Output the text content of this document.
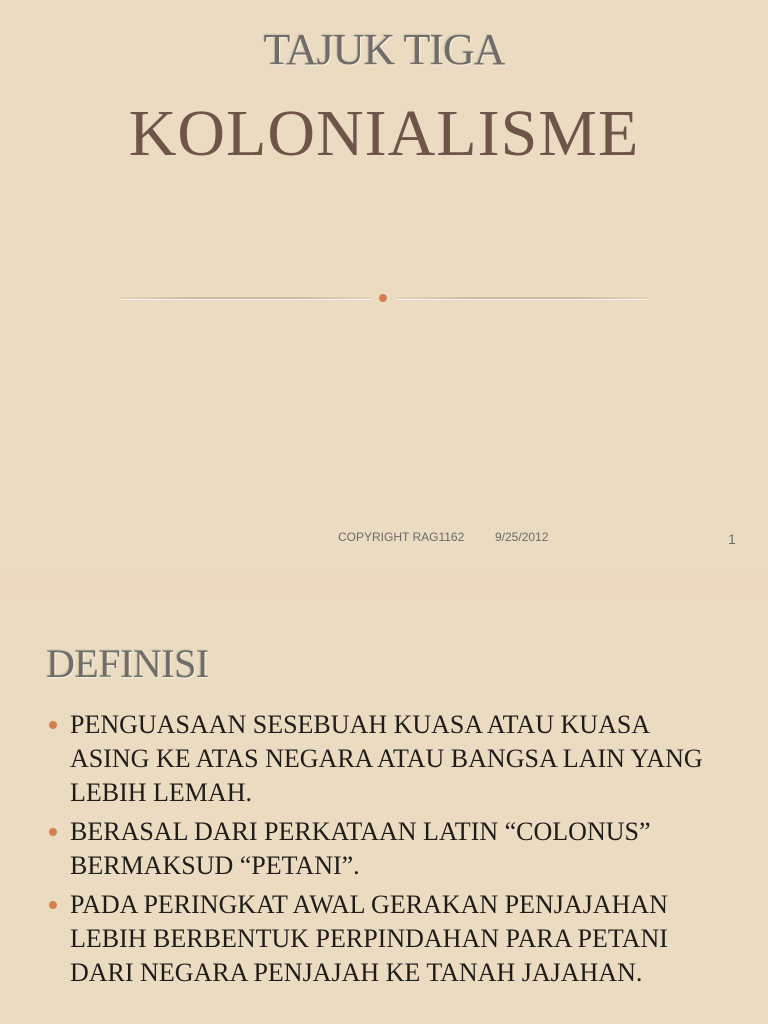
TAJUK TIGA
KOLONIALISME
COPYRIGHT RAG1162	9/25/2012	1
DEFINISI
PENGUASAAN SESEBUAH KUASA ATAU KUASA ASING KE ATAS NEGARA ATAU BANGSA LAIN YANG LEBIH LEMAH.
BERASAL DARI PERKATAAN LATIN “COLONUS” BERMAKSUD “PETANI”.
PADA PERINGKAT AWAL GERAKAN PENJAJAHAN LEBIH BERBENTUK PERPINDAHAN PARA PETANI DARI NEGARA PENJAJAH KE TANAH JAJAHAN.
